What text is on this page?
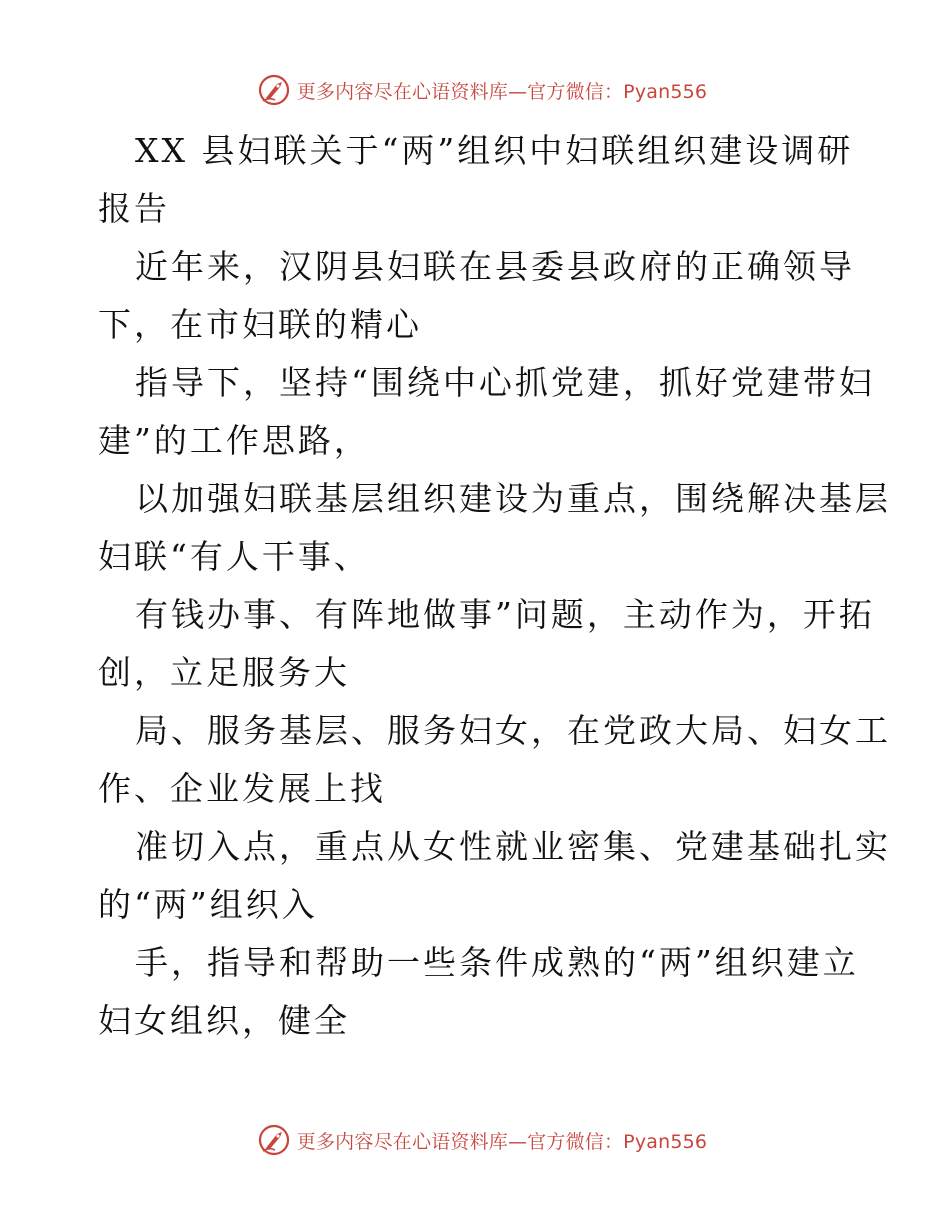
更多内容尽在心语资料库—官方微信：Pyan556
XX 县妇联关于“两”组织中妇联组织建设调研
报告
近年来，汉阴县妇联在县委县政府的正确领导
下，在市妇联的精心
指导下，坚持“围绕中心抓党建，抓好党建带妇
建”的工作思路，
以加强妇联基层组织建设为重点，围绕解决基层
妇联“有人干事、
有钱办事、有阵地做事”问题，主动作为，开拓
创，立足服务大
局、服务基层、服务妇女，在党政大局、妇女工
作、企业发展上找
准切入点，重点从女性就业密集、党建基础扎实
的“两”组织入
手，指导和帮助一些条件成熟的“两”组织建立
妇女组织，健全
更多内容尽在心语资料库—官方微信：Pyan556
